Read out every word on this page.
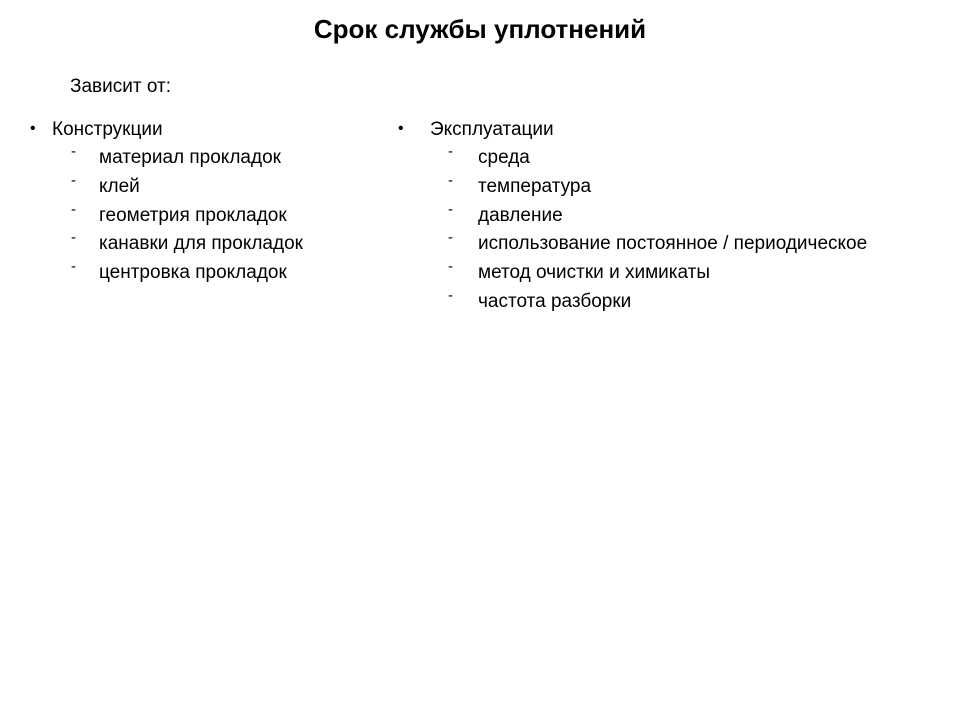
Срок службы уплотнений
Зависит от:
• Конструкции
- материал прокладок
- клей
- геометрия прокладок
- канавки для прокладок
- центровка прокладок
• Эксплуатации
- среда
- температура
- давление
- использование постоянное / периодическое
- метод очистки и химикаты
- частота разборки
